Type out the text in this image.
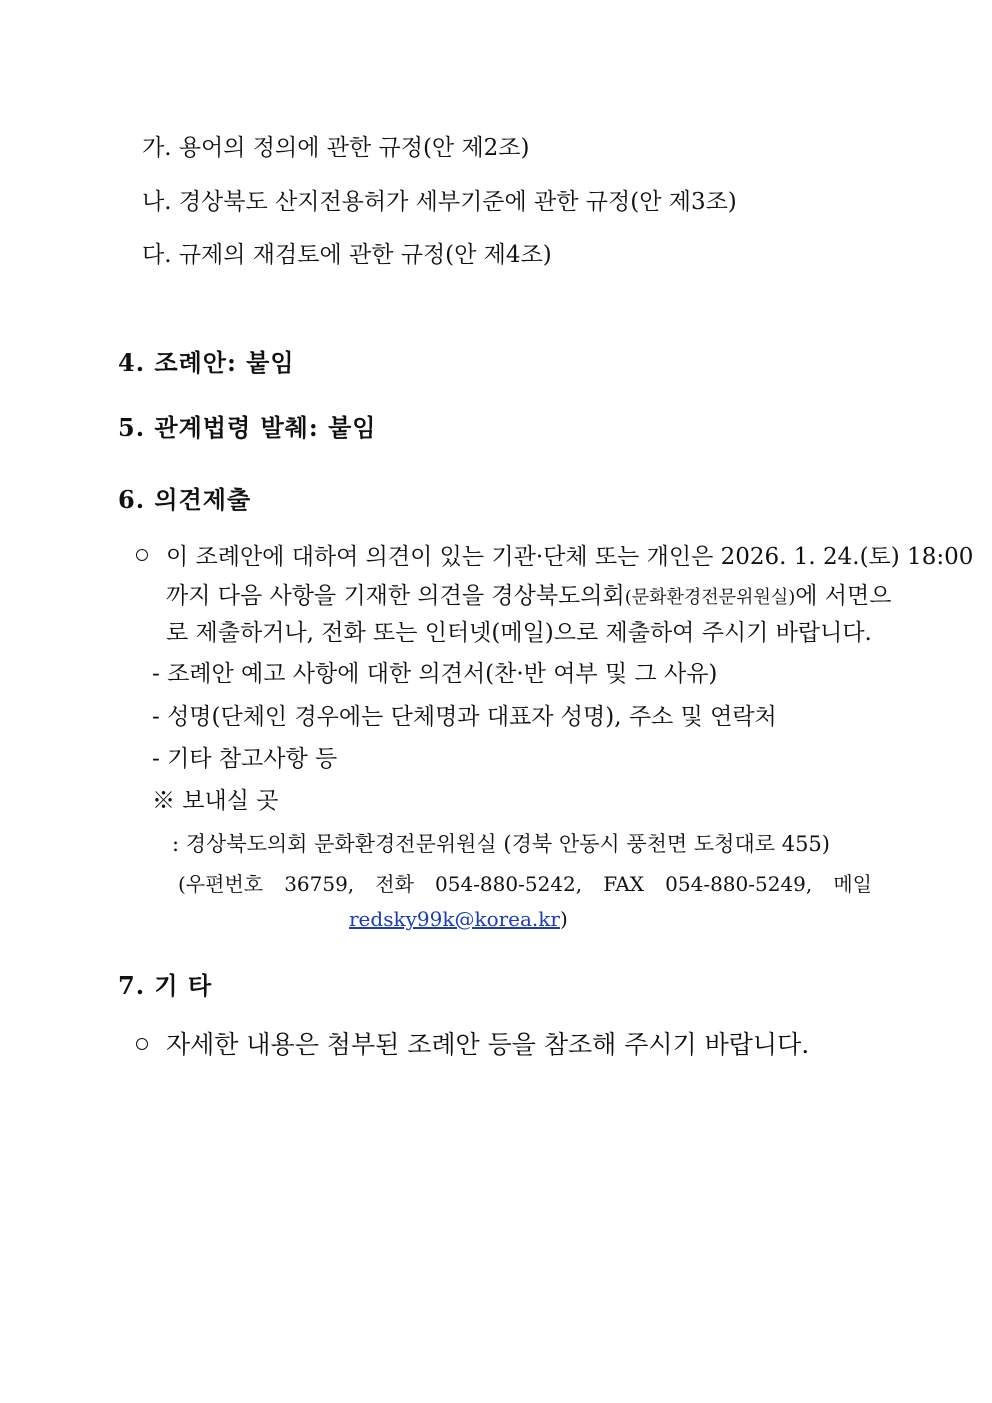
가. 용어의 정의에 관한 규정(안 제2조)
나. 경상북도 산지전용허가 세부기준에 관한 규정(안 제3조)
다. 규제의 재검토에 관한 규정(안 제4조)
4. 조례안: 붙임
5. 관계법령 발췌: 붙임
6. 의견제출
이 조례안에 대하여 의견이 있는 기관·단체 또는 개인은 2026. 1. 24.(토) 18:00
까지 다음 사항을 기재한 의견을 경상북도의회(문화환경전문위원실)에 서면으
로 제출하거나, 전화 또는 인터넷(메일)으로 제출하여 주시기 바랍니다.
- 조례안 예고 사항에 대한 의견서(찬·반 여부 및 그 사유)
- 성명(단체인 경우에는 단체명과 대표자 성명), 주소 및 연락처
- 기타 참고사항 등
※ 보내실 곳
: 경상북도의회 문화환경전문위원실 (경북 안동시 풍천면 도청대로 455)
(우편번호 36759, 전화 054-880-5242, FAX 054-880-5249, 메일
redsky99k@korea.kr)
7. 기 타
자세한 내용은 첨부된 조례안 등을 참조해 주시기 바랍니다.
